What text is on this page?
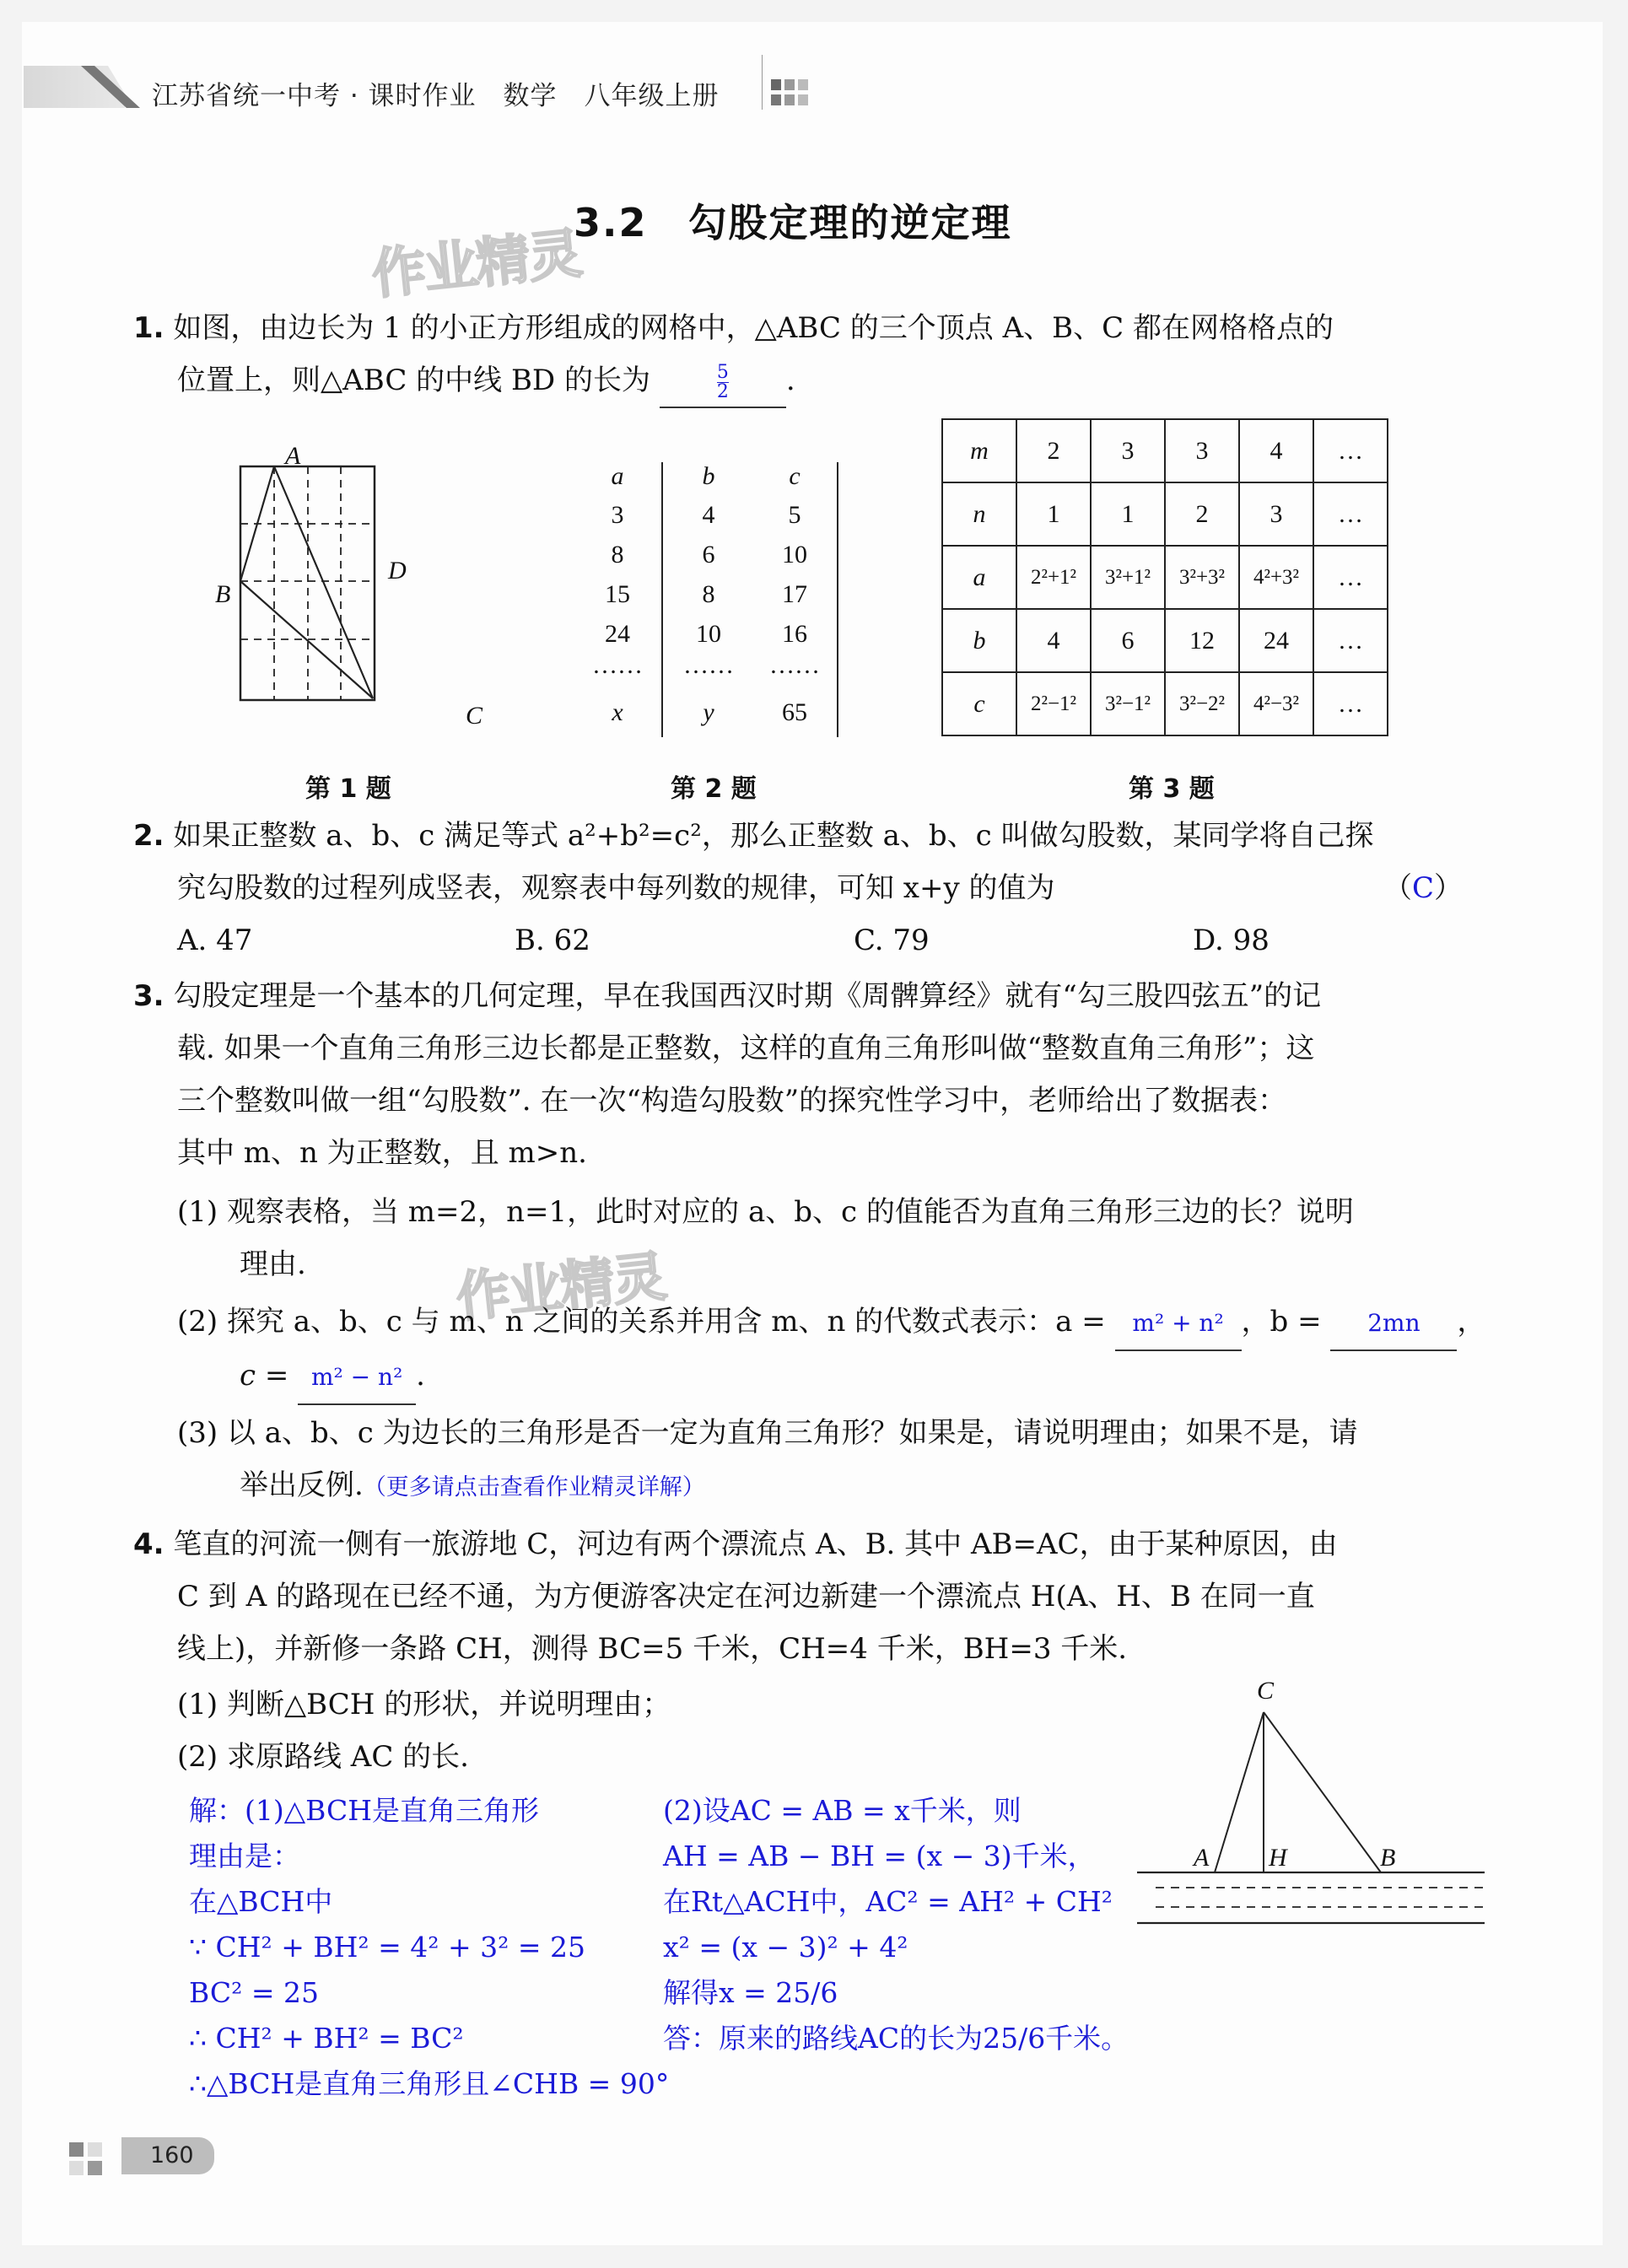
江苏省统一中考 · 课时作业　数学　八年级上册
3.2　勾股定理的逆定理
作业精灵
1. 如图，由边长为 1 的小正方形组成的网格中，△ABC 的三个顶点 A、B、C 都在网格格点的
位置上，则△ABC 的中线 BD 的长为	$\frac{5}{2}$ .
A
B
D
C
第 1 题
a	b	c
3	4	5
8	6	10
15	8	17
24	10	16
……	……	……
x	y	65
第 2 题
m	2	3	3	4	…
n	1	1	2	3	…
a	2²+1²	3²+1²	3²+3²	4²+3²	…
b	4	6	12	24	…
c	2²−1²	3²−1²	3²−2²	4²−3²	…
第 3 题
2. 如果正整数 a、b、c 满足等式 a²+b²=c²，那么正整数 a、b、c 叫做勾股数，某同学将自己探
究勾股数的过程列成竖表，观察表中每列数的规律，可知 x+y 的值为	（C）
A. 47	B. 62	C. 79	D. 98
3. 勾股定理是一个基本的几何定理，早在我国西汉时期《周髀算经》就有“勾三股四弦五”的记
载. 如果一个直角三角形三边长都是正整数，这样的直角三角形叫做“整数直角三角形”；这
三个整数叫做一组“勾股数”. 在一次“构造勾股数”的探究性学习中，老师给出了数据表：
其中 m、n 为正整数，且 m>n.
(1) 观察表格，当 m=2，n=1，此时对应的 a、b、c 的值能否为直角三角形三边的长？说明
理由.	作业精灵
(2) 探究 a、b、c 与 m、n 之间的关系并用含 m、n 的代数式表示：a = m² + n² ，b = 2mn ，
c = m² − n² .
(3) 以 a、b、c 为边长的三角形是否一定为直角三角形？如果是，请说明理由；如果不是，请
举出反例.（更多请点击查看作业精灵详解）
4. 笔直的河流一侧有一旅游地 C，河边有两个漂流点 A、B. 其中 AB=AC，由于某种原因，由
C 到 A 的路现在已经不通，为方便游客决定在河边新建一个漂流点 H(A、H、B 在同一直
线上)，并新修一条路 CH，测得 BC=5 千米，CH=4 千米，BH=3 千米.
(1) 判断△BCH 的形状，并说明理由；
(2) 求原路线 AC 的长.
C
A H	B
解：(1)△BCH是直角三角形
理由是：
在△BCH中
∵ CH² + BH² = 4² + 3² = 25
BC² = 25
∴ CH² + BH² = BC²
∴△BCH是直角三角形且∠CHB = 90°
(2)设AC = AB = x千米，则
AH = AB − BH = (x − 3)千米，
在Rt△ACH中，AC² = AH² + CH²
x² = (x − 3)² + 4²
解得x = 25/6
答：原来的路线AC的长为25/6千米。
160
